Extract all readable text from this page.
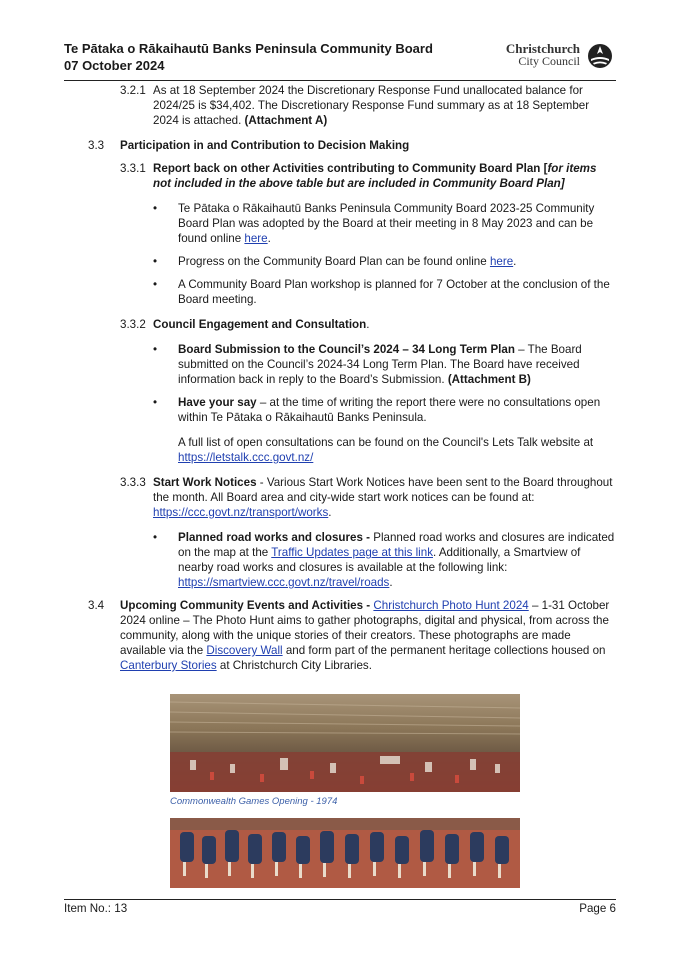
Te Pātaka o Rākaihautū Banks Peninsula Community Board
07 October 2024
Christchurch
City Council
3.2.1 As at 18 September 2024 the Discretionary Response Fund unallocated balance for 2024/25 is $34,402. The Discretionary Response Fund summary as at 18 September 2024 is attached. (Attachment A)

3.3 Participation in and Contribution to Decision Making

3.3.1 Report back on other Activities contributing to Community Board Plan [for items not included in the above table but are included in Community Board Plan]

• Te Pātaka o Rākaihautū Banks Peninsula Community Board 2023-25 Community Board Plan was adopted by the Board at their meeting in 8 May 2023 and can be found online here.

• Progress on the Community Board Plan can be found online here.

• A Community Board Plan workshop is planned for 7 October at the conclusion of the Board meeting.

3.3.2 Council Engagement and Consultation.

• Board Submission to the Council’s 2024 – 34 Long Term Plan – The Board submitted on the Council’s 2024-34 Long Term Plan. The Board have received information back in reply to the Board’s Submission. (Attachment B)

• Have your say – at the time of writing the report there were no consultations open within Te Pātaka o Rākaihautū Banks Peninsula.

A full list of open consultations can be found on the Council's Lets Talk website at https://letstalk.ccc.govt.nz/

3.3.3 Start Work Notices - Various Start Work Notices have been sent to the Board throughout the month. All Board area and city-wide start work notices can be found at: https://ccc.govt.nz/transport/works.

• Planned road works and closures - Planned road works and closures are indicated on the map at the Traffic Updates page at this link. Additionally, a Smartview of nearby road works and closures is available at the following link: https://smartview.ccc.govt.nz/travel/roads.

3.4 Upcoming Community Events and Activities - Christchurch Photo Hunt 2024 – 1-31 October 2024 online – The Photo Hunt aims to gather photographs, digital and physical, from across the community, along with the unique stories of their creators. These photographs are made available via the Discovery Wall and form part of the permanent heritage collections housed on Canterbury Stories at Christchurch City Libraries.

Commonwealth Games Opening - 1974
Item No.: 13	Page 6
